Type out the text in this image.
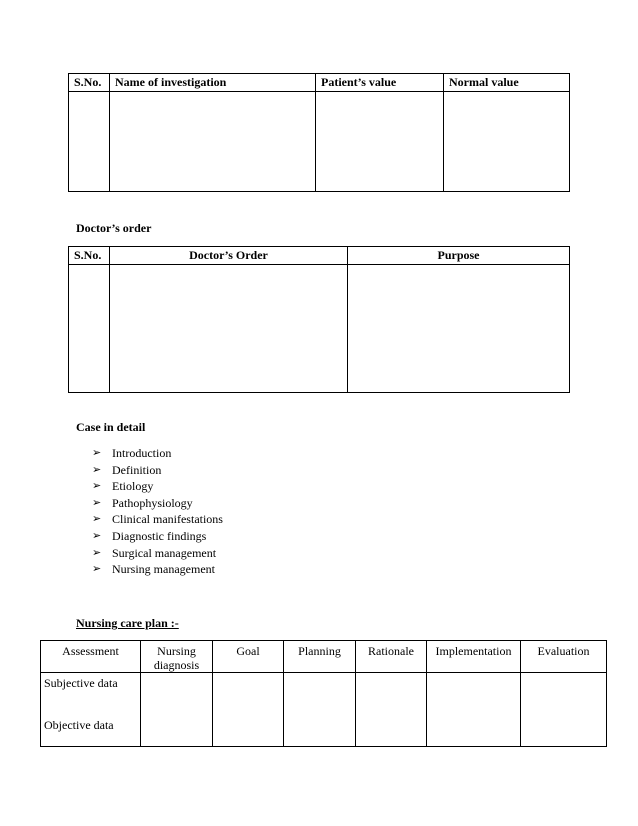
S.No.	Name of investigation	Patient’s value	Normal value

Doctor’s order

S.No.	Doctor’s Order	Purpose

Case in detail

➢ Introduction
➢ Definition
➢ Etiology
➢ Pathophysiology
➢ Clinical manifestations
➢ Diagnostic findings
➢ Surgical management
➢ Nursing management

Nursing care plan :-

Assessment	Nursing diagnosis	Goal	Planning	Rationale	Implementation	Evaluation

Subjective data
Objective data						
